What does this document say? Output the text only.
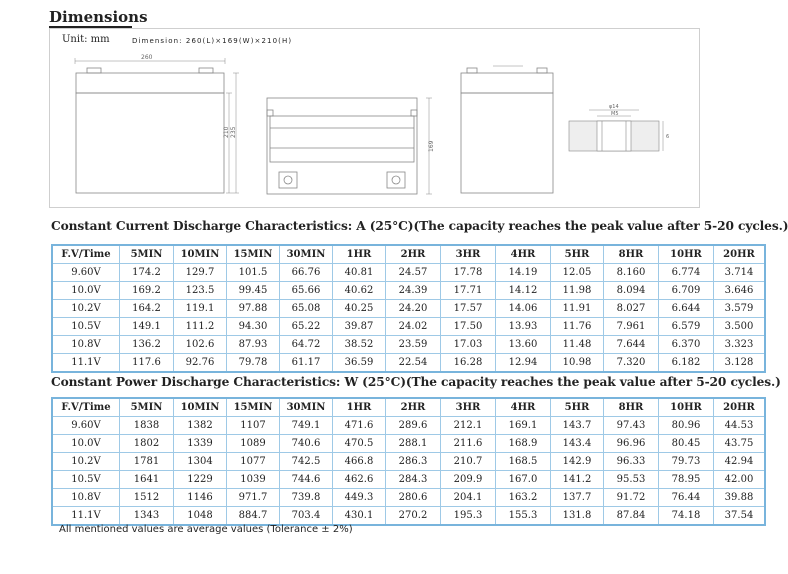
Dimensions
Unit: mm	Dimension: 260(L)×169(W)×210(H)
260
210 235
169
φ14
M5
6
Constant Current Discharge Characteristics: A (25°C)(The capacity reaches the peak value after 5-20 cycles.)
F.V/Time	5MIN	10MIN	15MIN	30MIN	1HR	2HR	3HR	4HR	5HR	8HR	10HR	20HR
9.60V	174.2	129.7	101.5	66.76	40.81	24.57	17.78	14.19	12.05	8.160	6.774	3.714
10.0V	169.2	123.5	99.45	65.66	40.62	24.39	17.71	14.12	11.98	8.094	6.709	3.646
10.2V	164.2	119.1	97.88	65.08	40.25	24.20	17.57	14.06	11.91	8.027	6.644	3.579
10.5V	149.1	111.2	94.30	65.22	39.87	24.02	17.50	13.93	11.76	7.961	6.579	3.500
10.8V	136.2	102.6	87.93	64.72	38.52	23.59	17.03	13.60	11.48	7.644	6.370	3.323
11.1V	117.6	92.76	79.78	61.17	36.59	22.54	16.28	12.94	10.98	7.320	6.182	3.128
Constant Power Discharge Characteristics: W (25°C)(The capacity reaches the peak value after 5-20 cycles.)
F.V/Time	5MIN	10MIN	15MIN	30MIN	1HR	2HR	3HR	4HR	5HR	8HR	10HR	20HR
9.60V	1838	1382	1107	749.1	471.6	289.6	212.1	169.1	143.7	97.43	80.96	44.53
10.0V	1802	1339	1089	740.6	470.5	288.1	211.6	168.9	143.4	96.96	80.45	43.75
10.2V	1781	1304	1077	742.5	466.8	286.3	210.7	168.5	142.9	96.33	79.73	42.94
10.5V	1641	1229	1039	744.6	462.6	284.3	209.9	167.0	141.2	95.53	78.95	42.00
10.8V	1512	1146	971.7	739.8	449.3	280.6	204.1	163.2	137.7	91.72	76.44	39.88
11.1V	1343	1048	884.7	703.4	430.1	270.2	195.3	155.3	131.8	87.84	74.18	37.54
All mentioned values are average values (Tolerance ± 2%)
